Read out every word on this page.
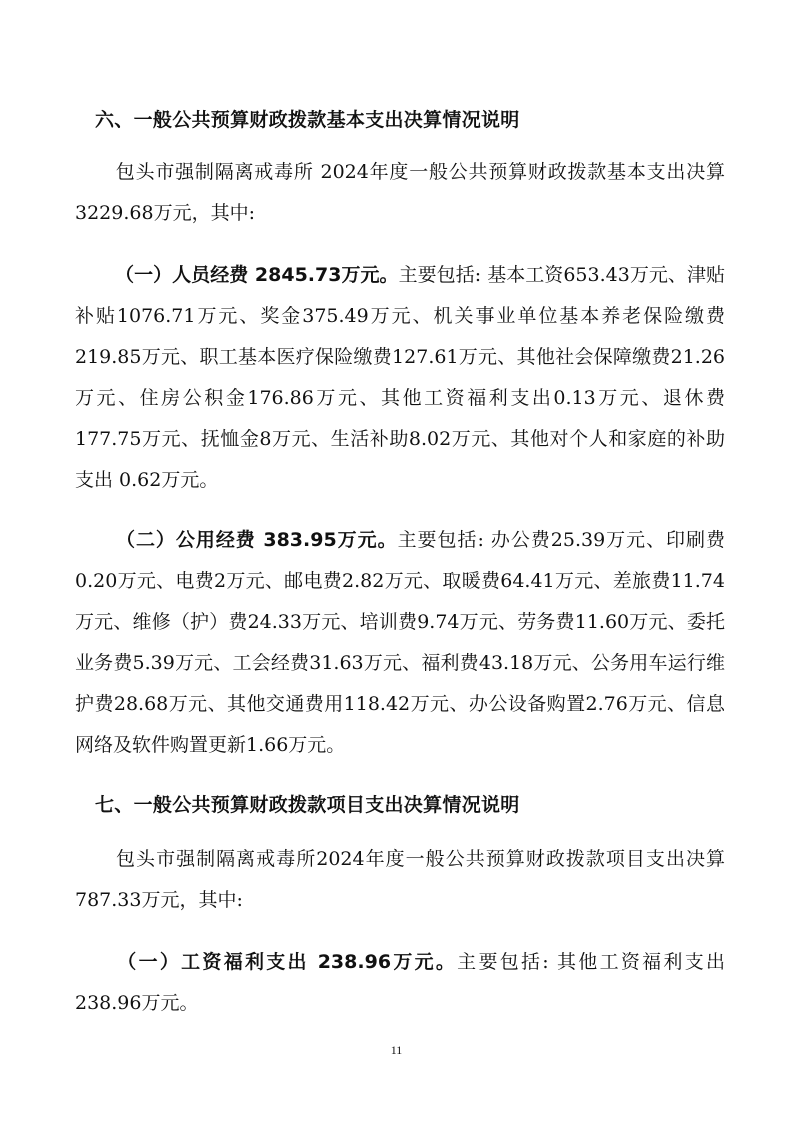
六、一般公共预算财政拨款基本支出决算情况说明

包头市强制隔离戒毒所 2024年度一般公共预算财政拨款基本支出决算 3229.68万元，其中:

（一）人员经费 2845.73万元。主要包括: 基本工资653.43万元、津贴补贴1076.71万元、奖金375.49万元、机关事业单位基本养老保险缴费219.85万元、职工基本医疗保险缴费127.61万元、其他社会保障缴费21.26万元、住房公积金176.86万元、其他工资福利支出0.13万元、退休费177.75万元、抚恤金8万元、生活补助8.02万元、其他对个人和家庭的补助支出 0.62万元。

（二）公用经费 383.95万元。主要包括: 办公费25.39万元、印刷费0.20万元、电费2万元、邮电费2.82万元、取暖费64.41万元、差旅费11.74万元、维修（护）费24.33万元、培训费9.74万元、劳务费11.60万元、委托业务费5.39万元、工会经费31.63万元、福利费43.18万元、公务用车运行维护费28.68万元、其他交通费用118.42万元、办公设备购置2.76万元、信息网络及软件购置更新1.66万元。

七、一般公共预算财政拨款项目支出决算情况说明

包头市强制隔离戒毒所2024年度一般公共预算财政拨款项目支出决算 787.33万元，其中:

（一）工资福利支出 238.96万元。主要包括: 其他工资福利支出238.96万元。

11
